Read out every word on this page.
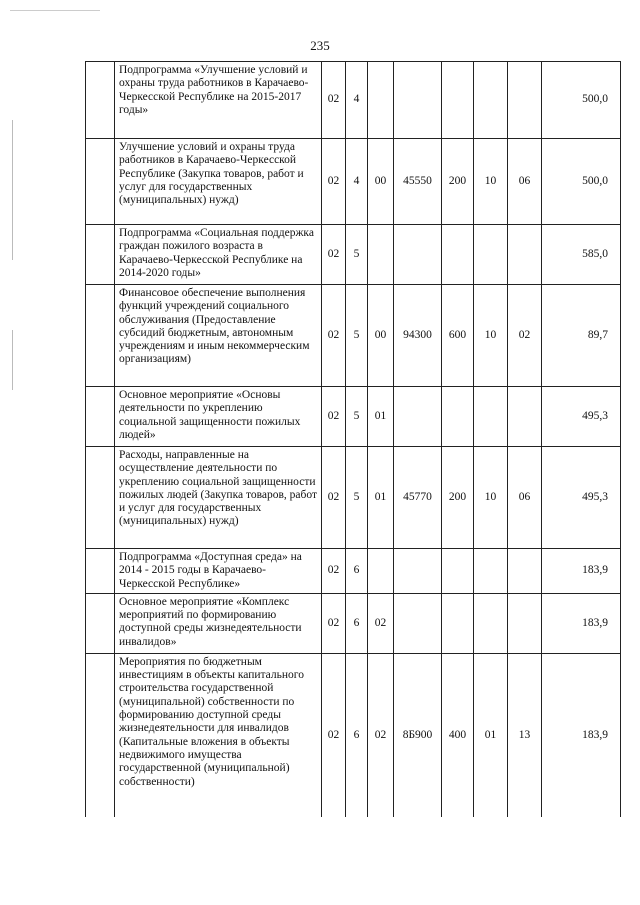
235
	Подпрограмма «Улучшение условий и охраны труда работников в Карачаево-Черкесской Республике на 2015-2017 годы»	02	4						500,0
	Улучшение условий и охраны труда работников в Карачаево-Черкесской Республике (Закупка товаров, работ и услуг для государственных (муниципальных) нужд)	02	4	00	45550	200	10	06	500,0
	Подпрограмма «Социальная поддержка граждан пожилого возраста в Карачаево-Черкесской Республике на 2014-2020 годы»	02	5						585,0
	Финансовое обеспечение выполнения функций учреждений социального обслуживания (Предоставление субсидий бюджетным, автономным учреждениям и иным некоммерческим организациям)	02	5	00	94300	600	10	02	89,7
	Основное мероприятие «Основы деятельности по укреплению социальной защищенности пожилых людей»	02	5	01					495,3
	Расходы, направленные на осуществление деятельности по укреплению социальной защищенности пожилых людей (Закупка товаров, работ и услуг для государственных (муниципальных) нужд)	02	5	01	45770	200	10	06	495,3
	Подпрограмма «Доступная среда» на 2014 - 2015 годы в Карачаево-Черкесской Республике»	02	6						183,9
	Основное мероприятие «Комплекс мероприятий по формированию доступной среды жизнедеятельности инвалидов»	02	6	02					183,9
	Мероприятия по бюджетным инвестициям в объекты капитального строительства государственной (муниципальной) собственности по формированию доступной среды жизнедеятельности для инвалидов (Капитальные вложения в объекты недвижимого имущества государственной (муниципальной) собственности)	02	6	02	8Б900	400	01	13	183,9
